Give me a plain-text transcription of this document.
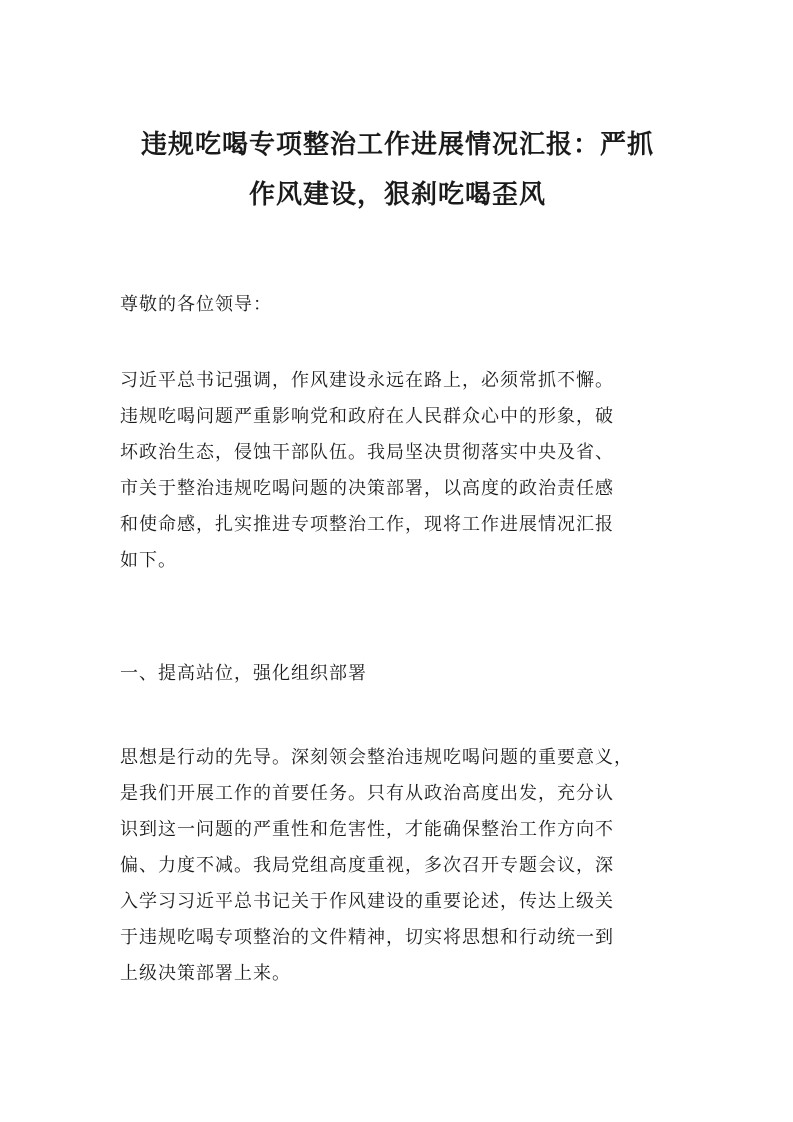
违规吃喝专项整治工作进展情况汇报：严抓
作风建设，狠刹吃喝歪风
尊敬的各位领导：
习近平总书记强调，作风建设永远在路上，必须常抓不懈。
违规吃喝问题严重影响党和政府在人民群众心中的形象，破
坏政治生态，侵蚀干部队伍。我局坚决贯彻落实中央及省、
市关于整治违规吃喝问题的决策部署，以高度的政治责任感
和使命感，扎实推进专项整治工作，现将工作进展情况汇报
如下。
一、提高站位，强化组织部署
思想是行动的先导。深刻领会整治违规吃喝问题的重要意义，
是我们开展工作的首要任务。只有从政治高度出发，充分认
识到这一问题的严重性和危害性，才能确保整治工作方向不
偏、力度不减。我局党组高度重视，多次召开专题会议，深
入学习习近平总书记关于作风建设的重要论述，传达上级关
于违规吃喝专项整治的文件精神，切实将思想和行动统一到
上级决策部署上来。
